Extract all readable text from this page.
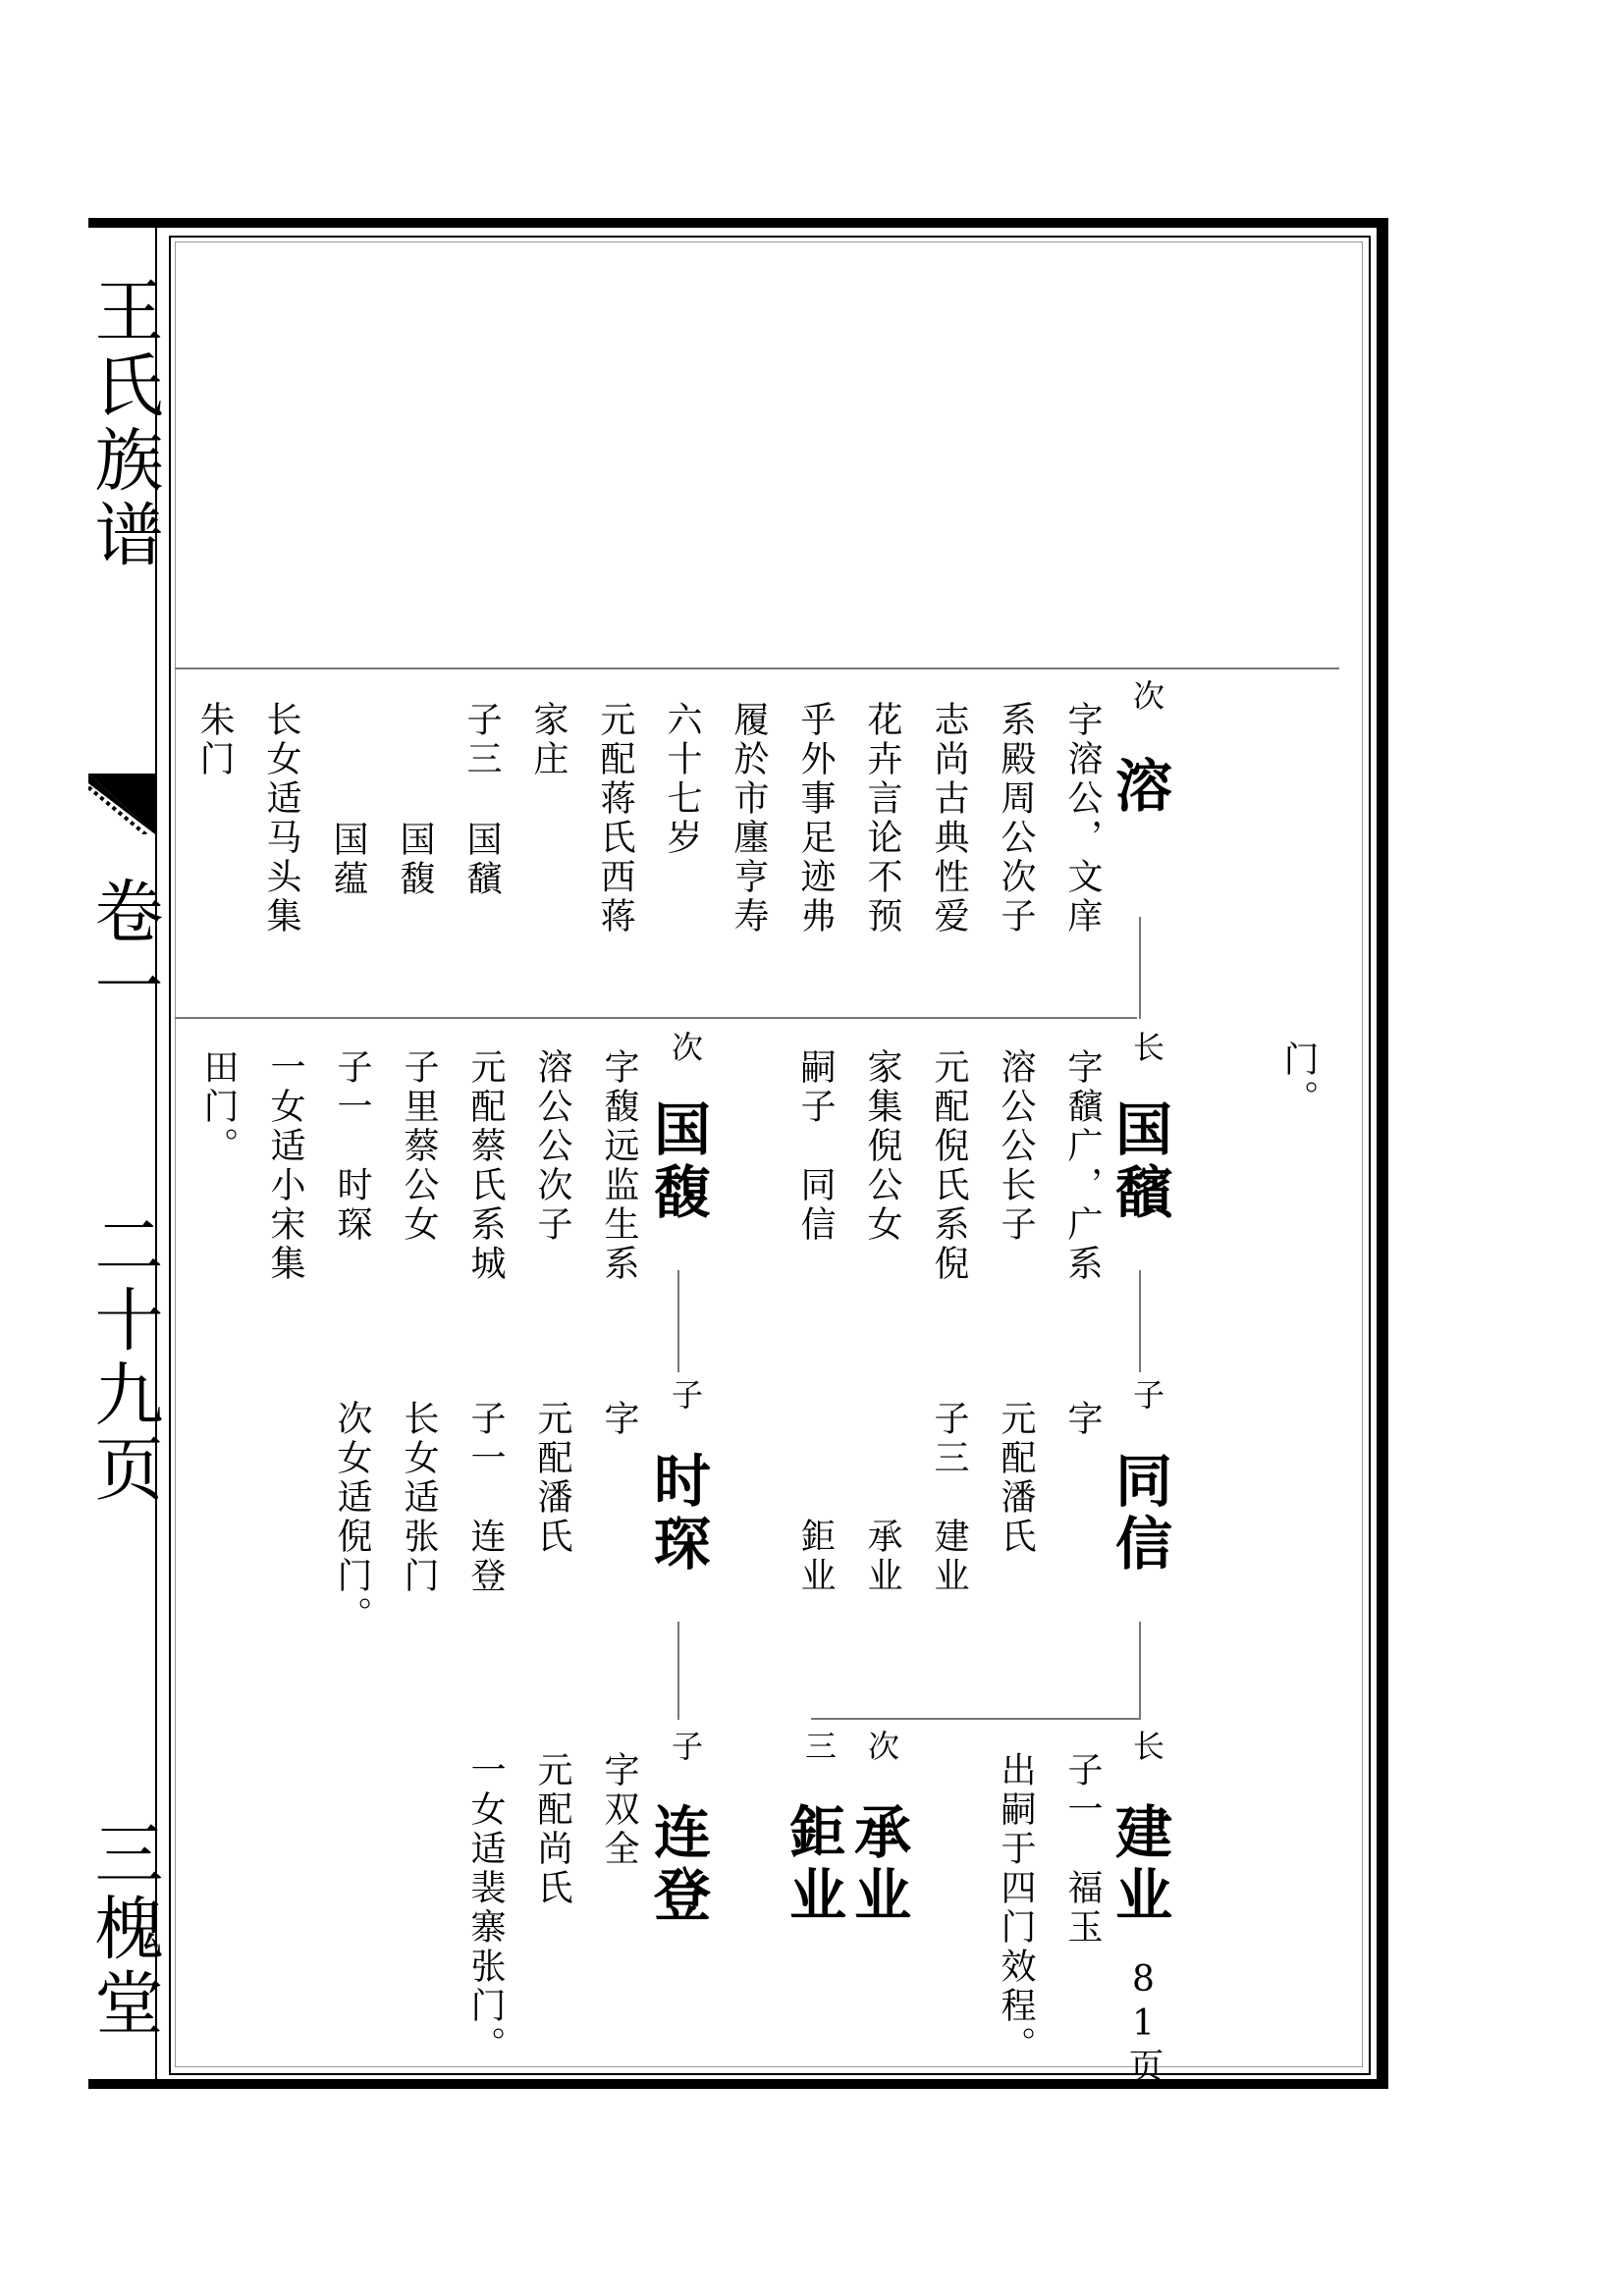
王氏族谱
卷一
二十九页
三槐堂
门。
次
溶
字溶公，文庠
系殿周公次子
志尚古典性爱
花卉言论不预
乎外事足迹弗
履於市廛亨寿
六十七岁
元配蒋氏西蒋
家庄
子三
国馪
国馥
国蕴
长女适马头集
朱门
长
国馪
字馪广，广系
溶公公长子
元配倪氏系倪
家集倪公女
嗣子　同信
次
国馥
字馥远监生系
溶公公次子
元配蔡氏系城
子里蔡公女
子一　时琛
一女适小宋集
田门。
子
同信
字
元配潘氏
子三　建业
　　　承业
　　　鉅业
子
时琛
字
元配潘氏
子一　连登
长女适张门
次女适倪门。
长
建业
81页
子一　福玉
出嗣于四门效程。
次
承业
三
鉅业
子
连登
字双全
元配尚氏
一女适裴寨张门。
